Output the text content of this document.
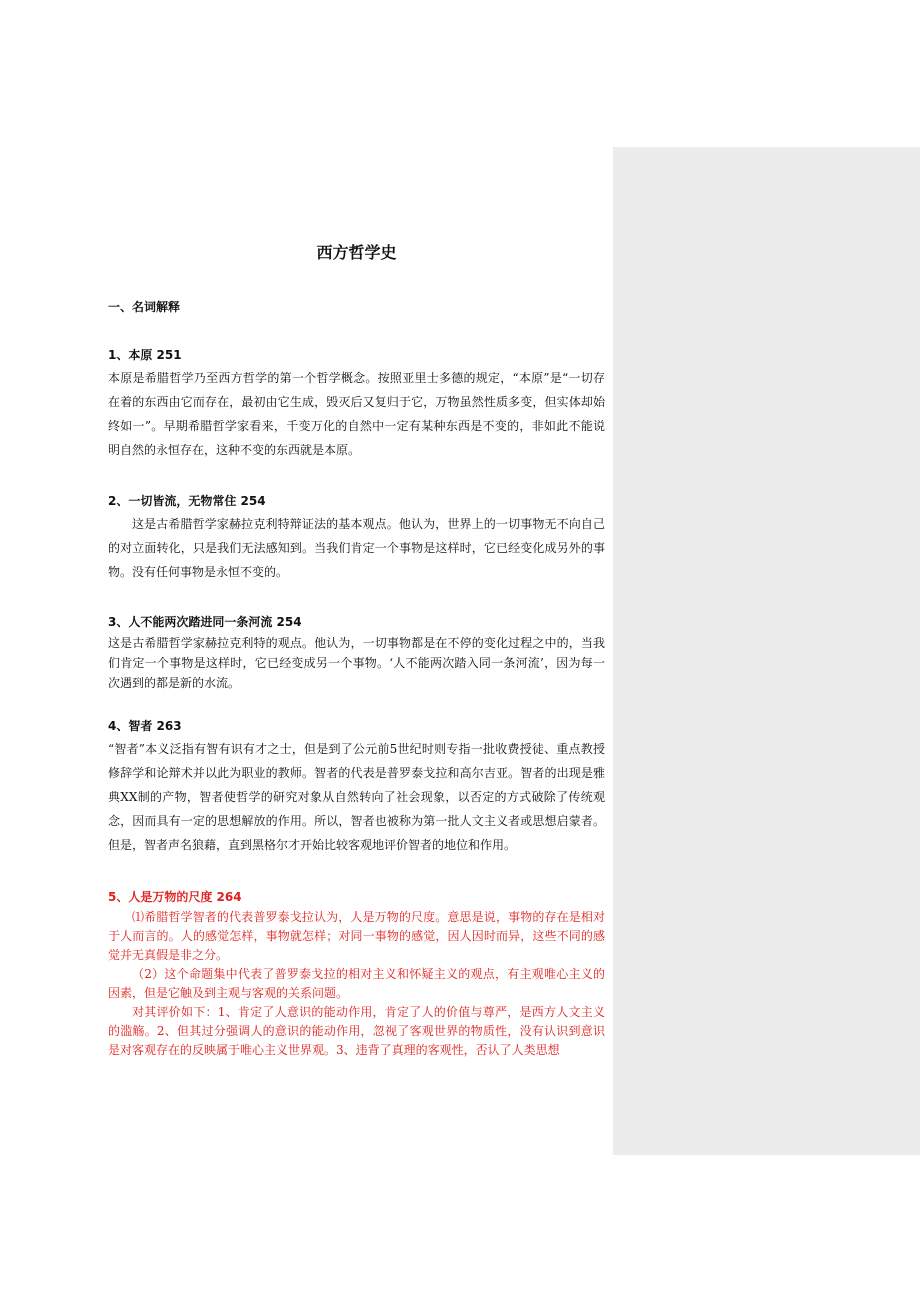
西方哲学史
一、名词解释
1、本原 251

本原是希腊哲学乃至西方哲学的第一个哲学概念。按照亚里士多德的规定，“本原”是“一切存在着的东西由它而存在，最初由它生成，毁灭后又复归于它，万物虽然性质多变，但实体却始终如一”。早期希腊哲学家看来，千变万化的自然中一定有某种东西是不变的，非如此不能说明自然的永恒存在，这种不变的东西就是本原。

2、一切皆流，无物常住 254

这是古希腊哲学家赫拉克利特辩证法的基本观点。他认为，世界上的一切事物无不向自己的对立面转化，只是我们无法感知到。当我们肯定一个事物是这样时，它已经变化成另外的事物。没有任何事物是永恒不变的。

3、人不能两次踏进同一条河流 254

这是古希腊哲学家赫拉克利特的观点。他认为，一切事物都是在不停的变化过程之中的，当我们肯定一个事物是这样时，它已经变成另一个事物。‘人不能两次踏入同一条河流’，因为每一次遇到的都是新的水流。

4、智者 263

“智者”本义泛指有智有识有才之士，但是到了公元前5世纪时则专指一批收费授徒、重点教授修辞学和论辩术并以此为职业的教师。智者的代表是普罗泰戈拉和高尔吉亚。智者的出现是雅典XX制的产物，智者使哲学的研究对象从自然转向了社会现象，以否定的方式破除了传统观念，因而具有一定的思想解放的作用。所以，智者也被称为第一批人文主义者或思想启蒙者。但是，智者声名狼藉，直到黑格尔才开始比较客观地评价智者的地位和作用。

5、人是万物的尺度 264

⑴希腊哲学智者的代表普罗泰戈拉认为，人是万物的尺度。意思是说，事物的存在是相对于人而言的。人的感觉怎样，事物就怎样；对同一事物的感觉，因人因时而异，这些不同的感觉并无真假是非之分。

（2）这个命题集中代表了普罗泰戈拉的相对主义和怀疑主义的观点，有主观唯心主义的因素，但是它触及到主观与客观的关系问题。

对其评价如下：1、肯定了人意识的能动作用，肯定了人的价值与尊严，是西方人文主义的滥觞。2、但其过分强调人的意识的能动作用，忽视了客观世界的物质性，没有认识到意识是对客观存在的反映属于唯心主义世界观。3、违背了真理的客观性，否认了人类思想
